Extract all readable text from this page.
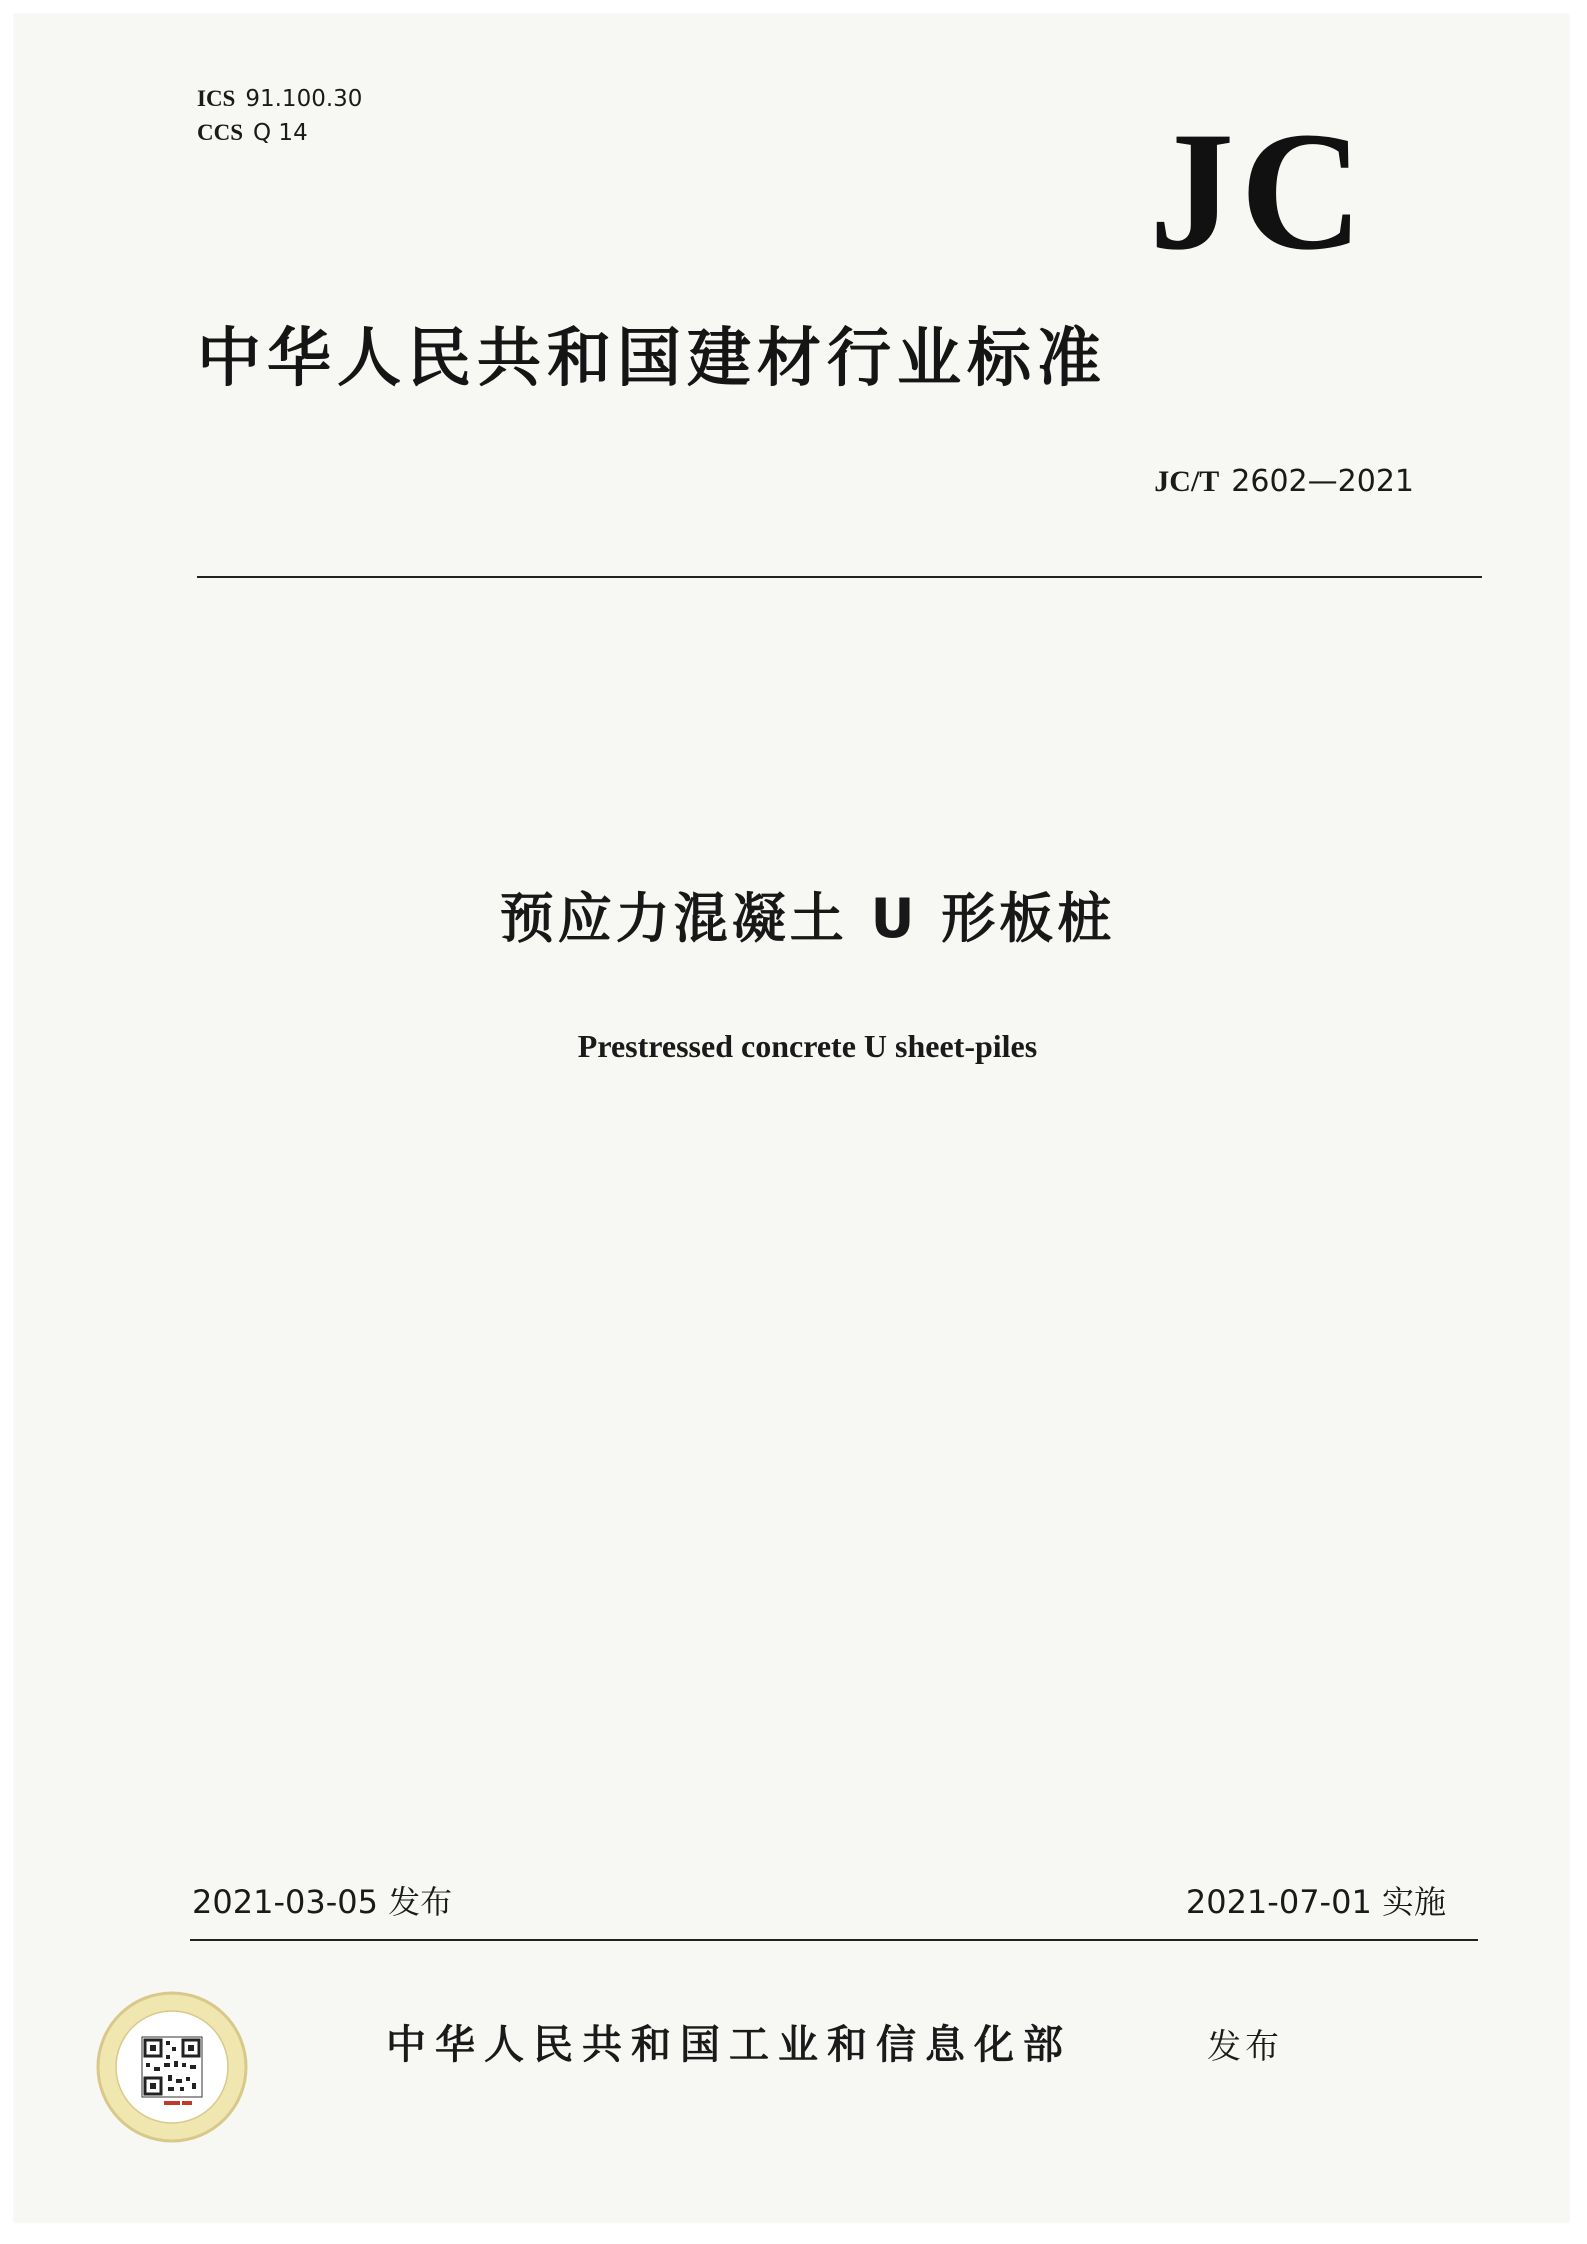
ICS 91.100.30
CCS Q 14	JC
中华人民共和国建材行业标准
JC/T 2602—2021
预应力混凝土 U 形板桩
Prestressed concrete U sheet-piles
2021-03-05 发布	2021-07-01 实施
中华人民共和国工业和信息化部	发布
